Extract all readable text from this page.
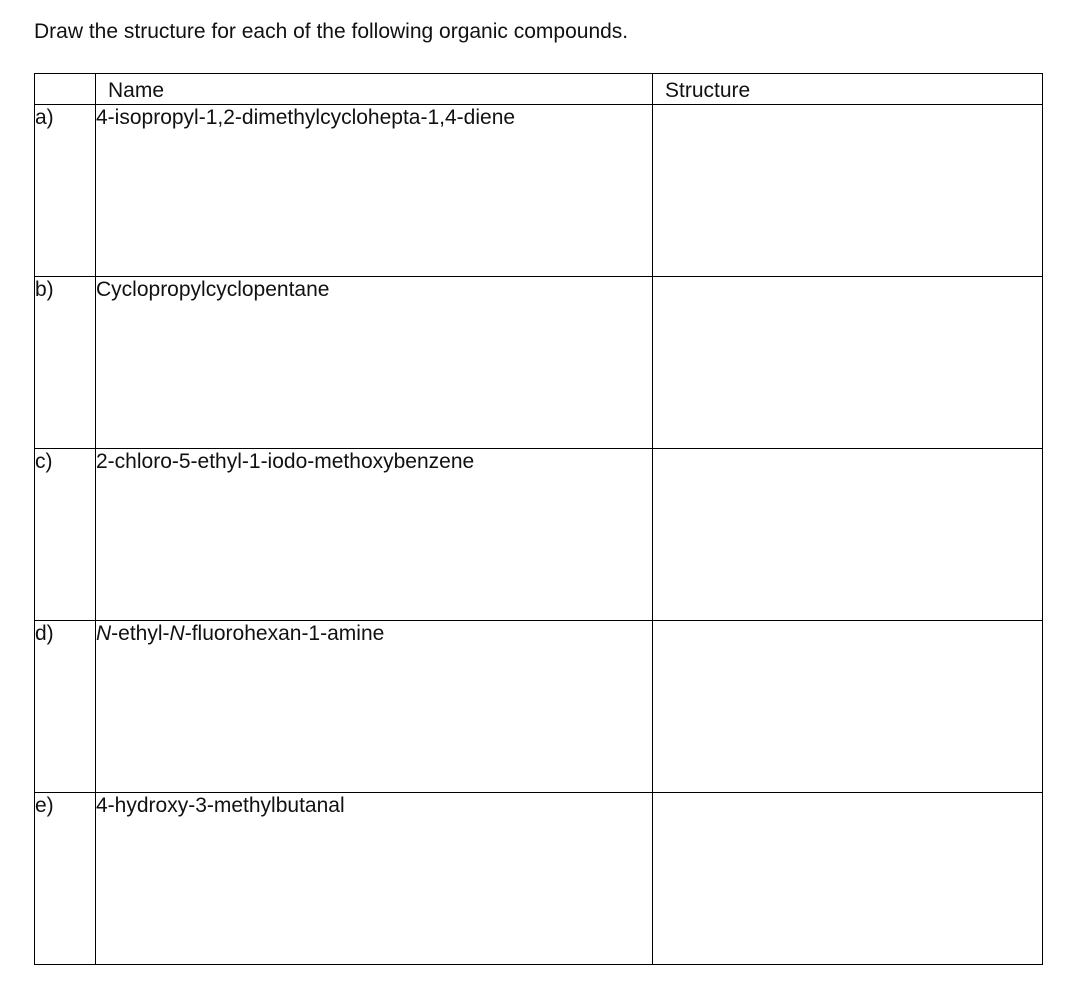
Draw the structure for each of the following organic compounds.
	Name	Structure
a)	4-isopropyl-1,2-dimethylcyclohepta-1,4-diene	
b)	Cyclopropylcyclopentane	
c)	2-chloro-5-ethyl-1-iodo-methoxybenzene	
d)	N-ethyl-N-fluorohexan-1-amine	
e)	4-hydroxy-3-methylbutanal	
